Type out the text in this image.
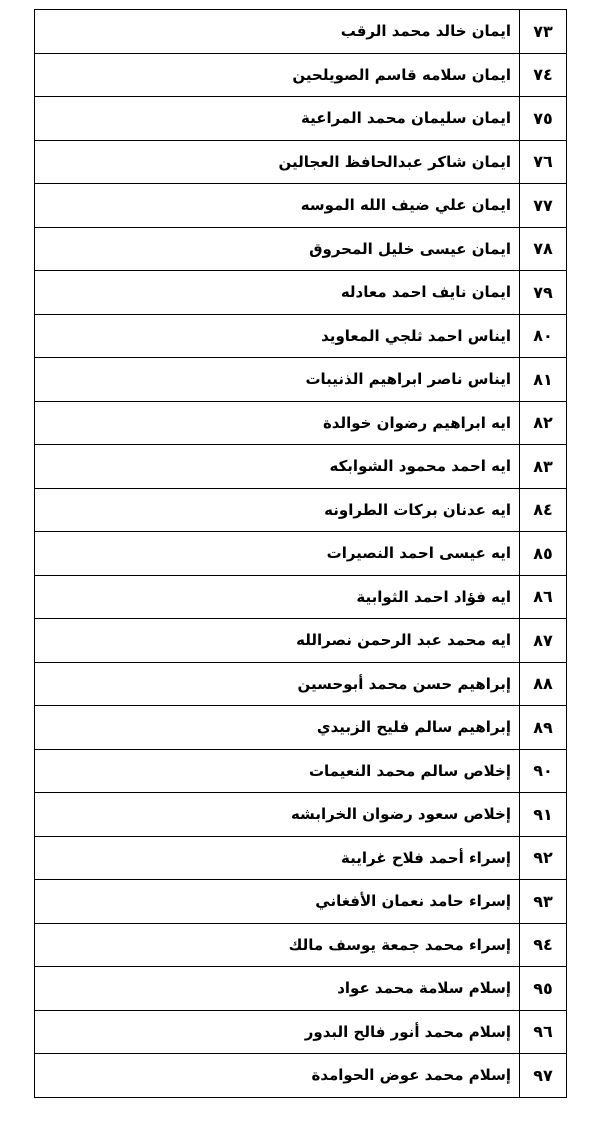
٧٣	ايمان خالد محمد الرقب
٧٤	ايمان سلامه قاسم الصويلحين
٧٥	ايمان سليمان محمد المراعية
٧٦	ايمان شاكر عبدالحافظ العجالين
٧٧	ايمان علي ضيف الله الموسه
٧٨	ايمان عيسى خليل المحروق
٧٩	ايمان نايف احمد معادله
٨٠	ايناس احمد ثلجي المعاويد
٨١	ايناس ناصر ابراهيم الذنيبات
٨٢	ايه ابراهيم رضوان خوالدة
٨٣	ايه احمد محمود الشوابكه
٨٤	ايه عدنان بركات الطراونه
٨٥	ايه عيسى احمد النصيرات
٨٦	ايه فؤاد احمد الثوابية
٨٧	ايه محمد عبد الرحمن نصرالله
٨٨	إبراهيم حسن محمد أبوحسين
٨٩	إبراهيم سالم فليح الزبيدي
٩٠	إخلاص سالم محمد النعيمات
٩١	إخلاص سعود رضوان الخرابشه
٩٢	إسراء أحمد فلاح غرايبة
٩٣	إسراء حامد نعمان الأفغاني
٩٤	إسراء محمد جمعة يوسف مالك
٩٥	إسلام سلامة محمد عواد
٩٦	إسلام محمد أنور فالح البدور
٩٧	إسلام محمد عوض الحوامدة
